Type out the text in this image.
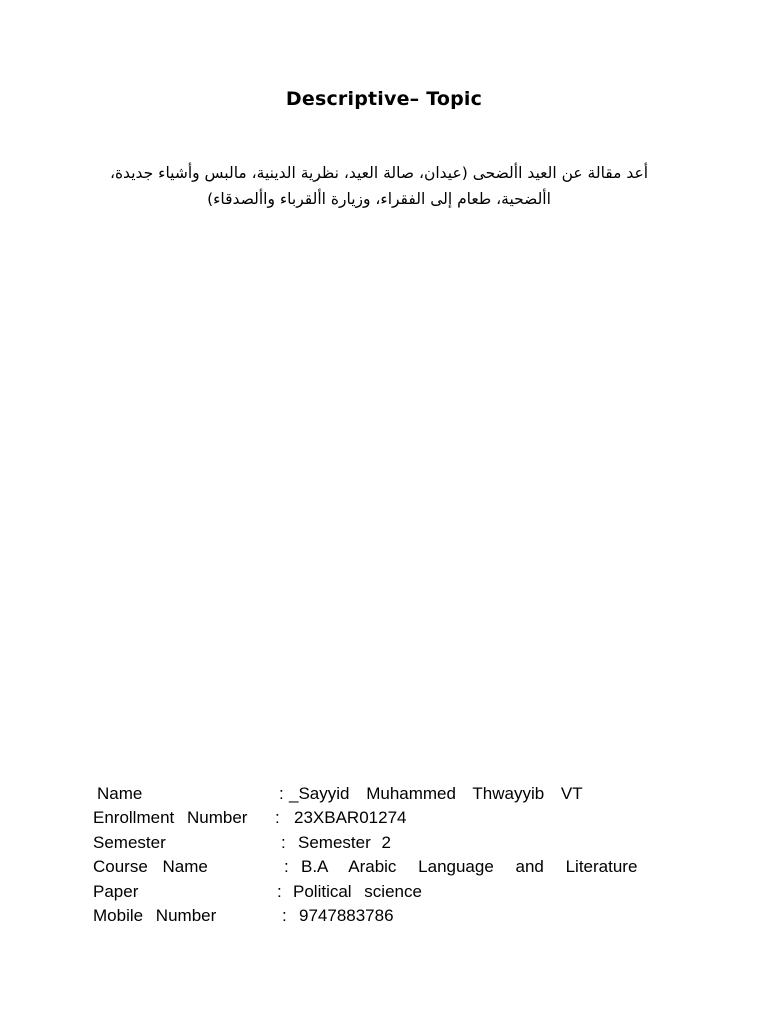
Descriptive– Topic
أعد مقالة عن العيد األضحى (عيدان، صالة العيد، نظرية الدينية، مالبس وأشياء جديدة،
األضحية، طعام إلى الفقراء، وزيارة األقرباء واألصدقاء)
Name	: _Sayyid Muhammed Thwayyib VT
Enrollment Number : 23XBAR01274
Semester	: Semester 2
Course Name	: B.A Arabic Language and Literature
Paper	: Political science
Mobile Number	: 9747883786
